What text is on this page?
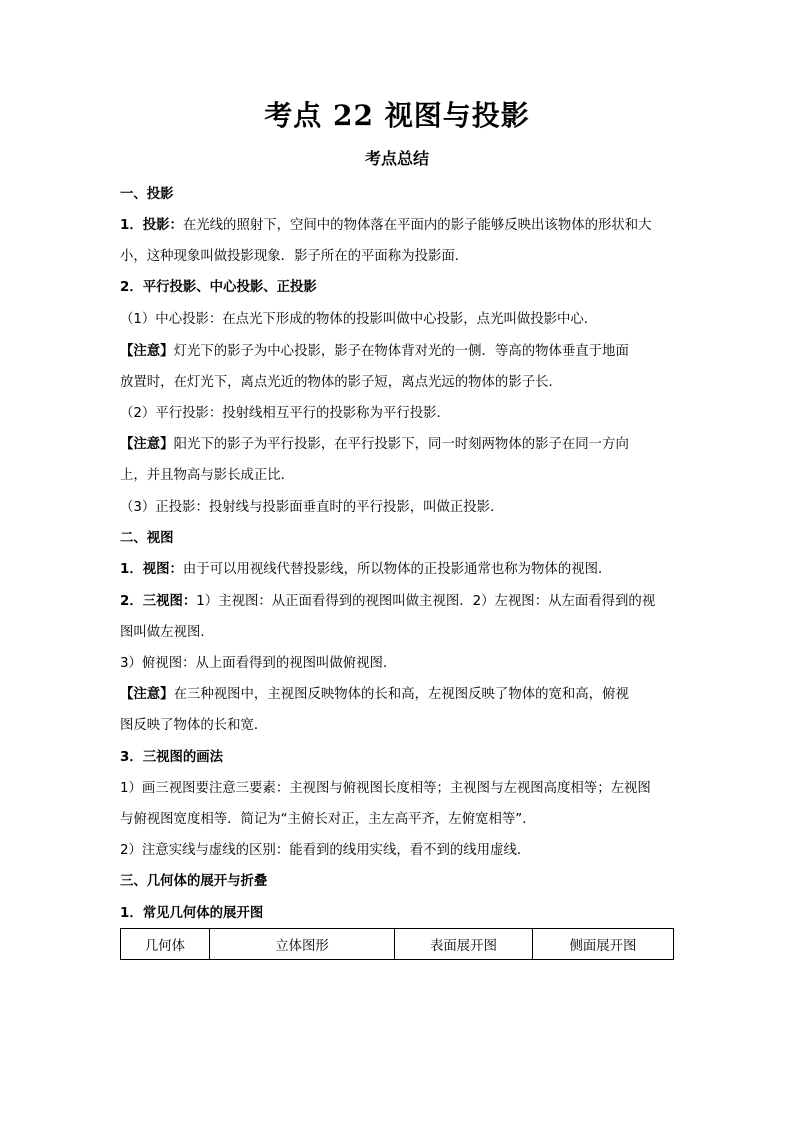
考点 22 视图与投影
考点总结
一、投影
1．投影：在光线的照射下，空间中的物体落在平面内的影子能够反映出该物体的形状和大
小，这种现象叫做投影现象．影子所在的平面称为投影面．
2．平行投影、中心投影、正投影
（1）中心投影：在点光下形成的物体的投影叫做中心投影，点光叫做投影中心．
【注意】灯光下的影子为中心投影，影子在物体背对光的一侧．等高的物体垂直于地面
放置时，在灯光下，离点光近的物体的影子短，离点光远的物体的影子长．
（2）平行投影：投射线相互平行的投影称为平行投影．
【注意】阳光下的影子为平行投影，在平行投影下，同一时刻两物体的影子在同一方向
上，并且物高与影长成正比．
（3）正投影：投射线与投影面垂直时的平行投影，叫做正投影．
二、视图
1．视图：由于可以用视线代替投影线，所以物体的正投影通常也称为物体的视图．
2．三视图：1）主视图：从正面看得到的视图叫做主视图．2）左视图：从左面看得到的视
图叫做左视图．
3）俯视图：从上面看得到的视图叫做俯视图．
【注意】在三种视图中，主视图反映物体的长和高，左视图反映了物体的宽和高，俯视
图反映了物体的长和宽．
3．三视图的画法
1）画三视图要注意三要素：主视图与俯视图长度相等；主视图与左视图高度相等；左视图
与俯视图宽度相等．简记为“主俯长对正，主左高平齐，左俯宽相等”．
2）注意实线与虚线的区别：能看到的线用实线，看不到的线用虚线．
三、几何体的展开与折叠
1．常见几何体的展开图
几何体	立体图形	表面展开图	侧面展开图
